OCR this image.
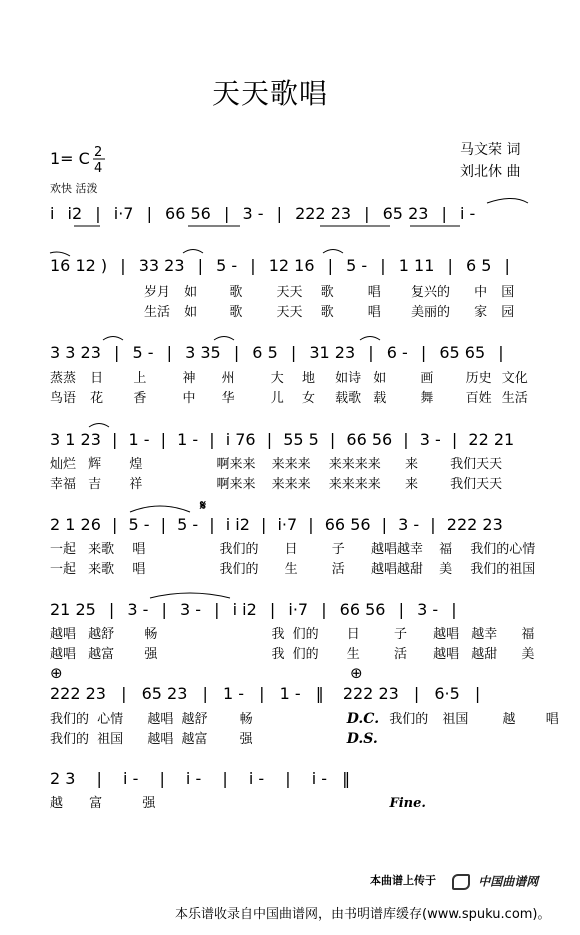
天天歌唱
马文荣 词
刘北休 曲
1= C 2
4
欢快 活泼
i i2 | i·7 | 66 56 | 3 - | 222 23 | 65 23 | i -
16 12 ) | 33 23 | 5 - | 12 16 | 5 - | 1 11 | 6 5 |
岁月 如 歌	天天 歌	唱 复兴的 中 国
生活 如 歌	天天 歌	唱 美丽的 家 园
3 3 23 | 5 - | 3 35 | 6 5 | 31 23 | 6 - | 65 65 |
蒸蒸 日 上	神 州	大 地 如诗 如	画 历史 文化
鸟语 花 香	中 华	儿 女 载歌 载	舞 百姓 生活
3 1 23 | 1 - | 1 - | i 76 | 55 5 | 66 56 | 3 - | 22 21
灿烂 辉 煌	啊来来 来来来 来来来来 来 我们天天
幸福 吉 祥	啊来来 来来来 来来来来 来 我们天天
𝄋
2 1 26 | 5 - | 5 - | i i2 | i·7 | 66 56 | 3 - | 222 23
一起 来歌 唱	我们的 日	子 越唱越幸 福 我们的心情
一起 来歌 唱	我们的 生	活 越唱越甜 美 我们的祖国
21 25 | 3 - | 3 - | i i2 | i·7 | 66 56 | 3 - |
越唱 越舒 畅	我 们的 日	子 越唱 越幸 福
越唱 越富 强	我 们的 生	活 越唱 越甜 美
⊕	⊕
222 23 | 65 23 | 1 - | 1 - ‖ 222 23 | 6·5 |
我们的 心情 越唱 越舒 畅	D.C. 我们的 祖国	越 唱
我们的 祖国 越唱 越富 强	D.S.
2 3 | i - | i - | i - | i - ‖
越 富	强	Fine.
本曲谱上传于	中国曲谱网
本乐谱收录自中国曲谱网，由书明谱库缓存(www.spuku.com)。
